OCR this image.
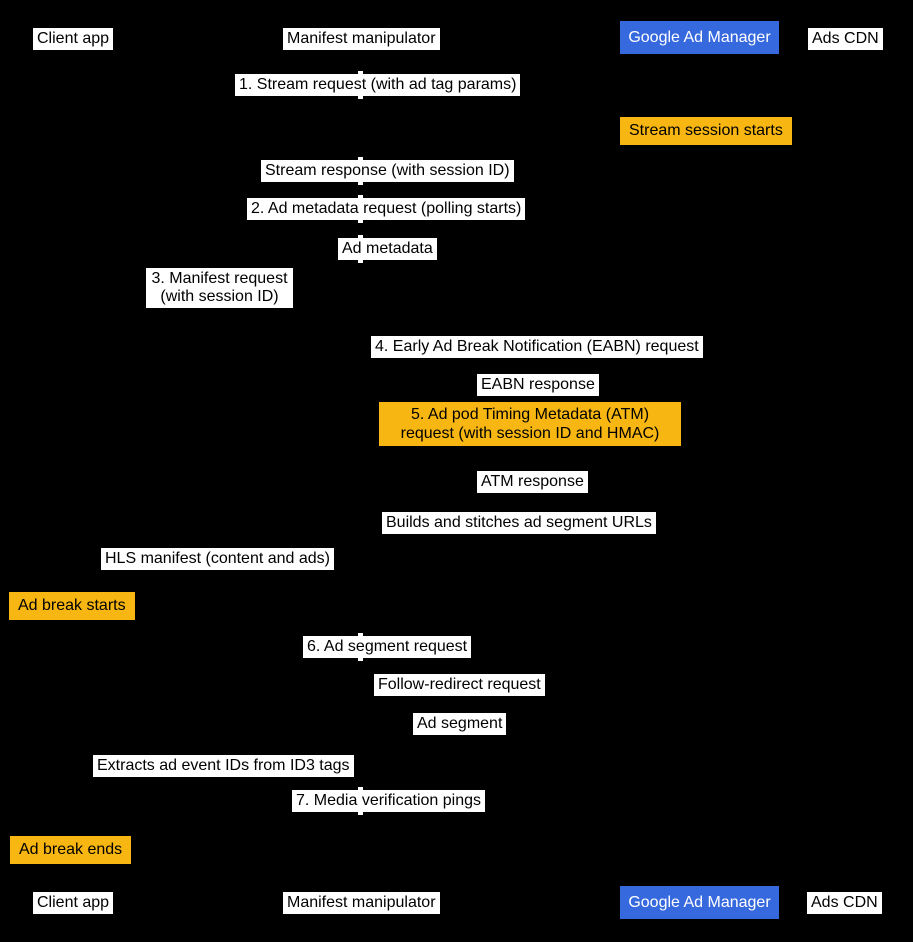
Client app	Manifest manipulator	Google Ad Manager	Ads CDN
1. Stream request (with ad tag params)
Stream session starts
Stream response (with session ID)
2. Ad metadata request (polling starts)
Ad metadata
3. Manifest request (with session ID)
4. Early Ad Break Notification (EABN) request
EABN response
5. Ad pod Timing Metadata (ATM) request (with session ID and HMAC)
ATM response
Builds and stitches ad segment URLs
HLS manifest (content and ads)
Ad break starts
6. Ad segment request
Follow-redirect request
Ad segment
Extracts ad event IDs from ID3 tags
7. Media verification pings
Ad break ends
Client app	Manifest manipulator	Google Ad Manager	Ads CDN
